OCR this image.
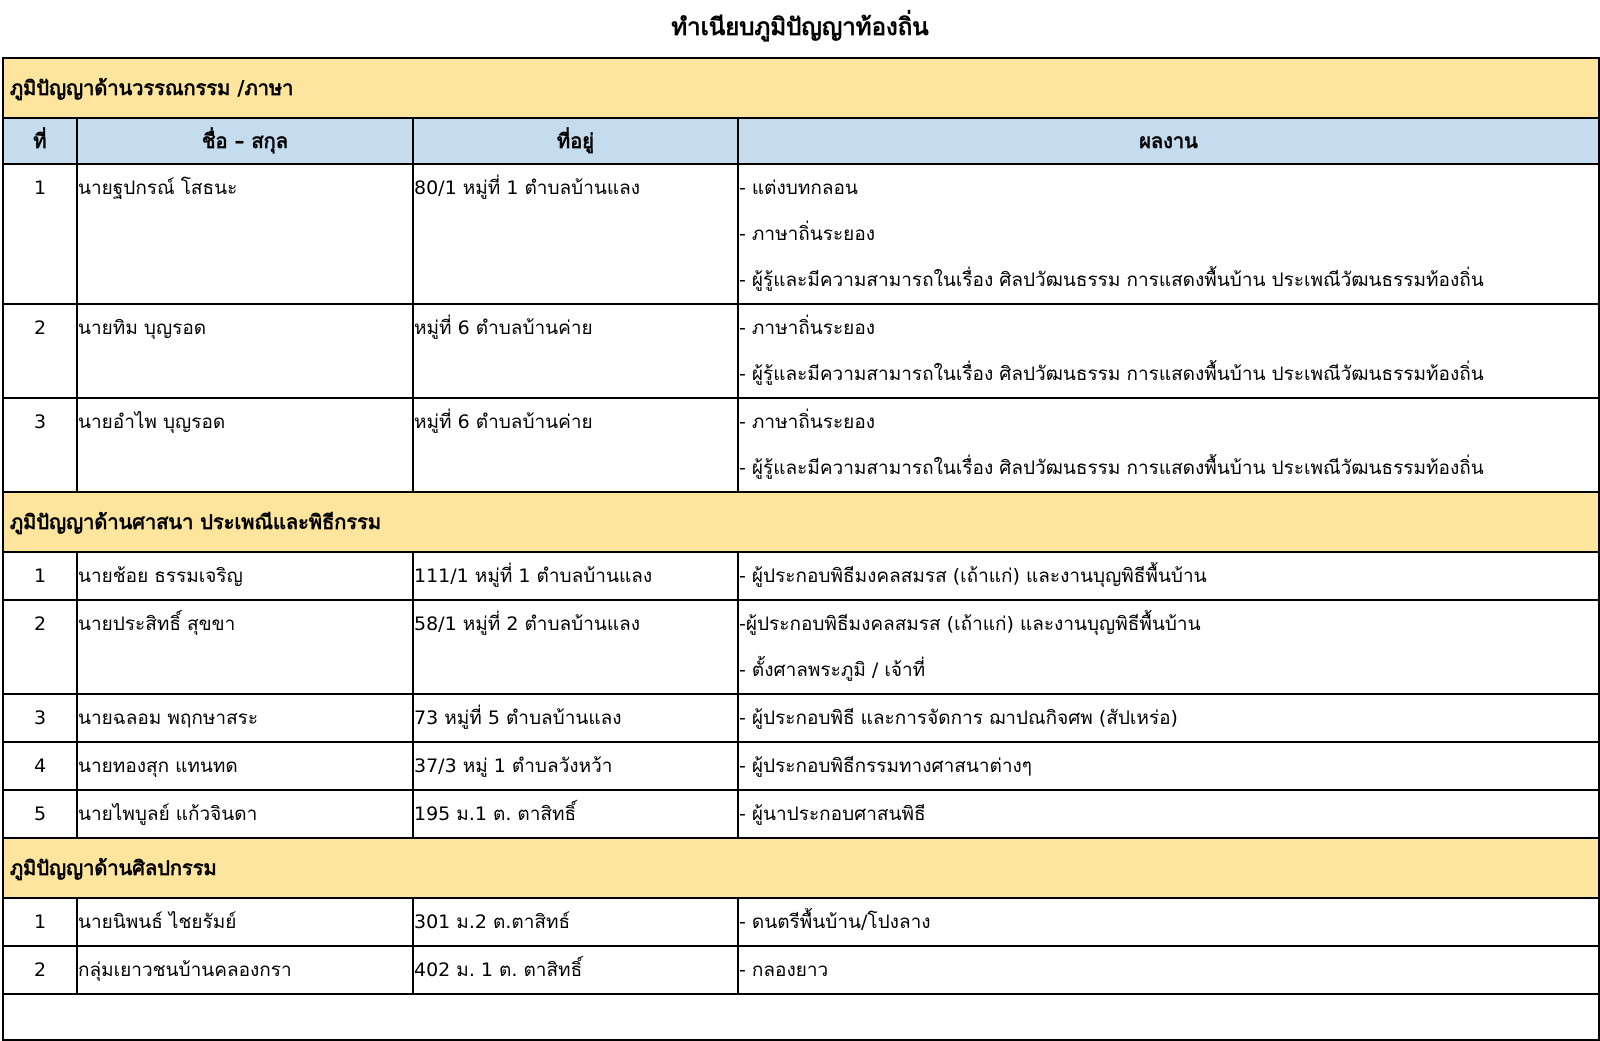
ทำเนียบภูมิปัญญาท้องถิ่น
ภูมิปัญญาด้านวรรณกรรม /ภาษา			
ที่	ชื่อ – สกุล	ที่อยู่	ผลงาน

1	นายฐปกรณ์ โสธนะ	80/1 หมู่ที่ 1 ตำบลบ้านแลง	- แต่งบทกลอน
- ภาษาถิ่นระยอง
- ผู้รู้และมีความสามารถในเรื่อง ศิลปวัฒนธรรม การแสดงพื้นบ้าน ประเพณีวัฒนธรรมท้องถิ่น

2	นายทิม บุญรอด	หมู่ที่ 6 ตำบลบ้านค่าย	- ภาษาถิ่นระยอง
- ผู้รู้และมีความสามารถในเรื่อง ศิลปวัฒนธรรม การแสดงพื้นบ้าน ประเพณีวัฒนธรรมท้องถิ่น

3	นายอำไพ บุญรอด	หมู่ที่ 6 ตำบลบ้านค่าย	- ภาษาถิ่นระยอง
- ผู้รู้และมีความสามารถในเรื่อง ศิลปวัฒนธรรม การแสดงพื้นบ้าน ประเพณีวัฒนธรรมท้องถิ่น

ภูมิปัญญาด้านศาสนา ประเพณีและพิธีกรรม			

1	นายช้อย ธรรมเจริญ	111/1 หมู่ที่ 1 ตำบลบ้านแลง	- ผู้ประกอบพิธีมงคลสมรส (เถ้าแก่) และงานบุญพิธีพื้นบ้าน

2	นายประสิทธิ์ สุขขา	58/1 หมู่ที่ 2 ตำบลบ้านแลง	-ผู้ประกอบพิธีมงคลสมรส (เถ้าแก่) และงานบุญพิธีพื้นบ้าน
- ตั้งศาลพระภูมิ / เจ้าที่

3	นายฉลอม พฤกษาสระ	73 หมู่ที่ 5 ตำบลบ้านแลง	- ผู้ประกอบพิธี และการจัดการ ฌาปณกิจศพ (สัปเหร่อ)

4	นายทองสุก แทนทด	37/3 หมู่ 1 ตำบลวังหว้า	- ผู้ประกอบพิธีกรรมทางศาสนาต่างๆ

5	นายไพบูลย์ แก้วจินดา	195 ม.1 ต. ตาสิทธิ์	- ผู้นาประกอบศาสนพิธี

ภูมิปัญญาด้านศิลปกรรม			

1	นายนิพนธ์ ไชยรัมย์	301 ม.2 ต.ตาสิทธ์	- ดนตรีพื้นบ้าน/โปงลาง

2	กลุ่มเยาวชนบ้านคลองกรา	402 ม. 1 ต. ตาสิทธิ์	- กลองยาว
